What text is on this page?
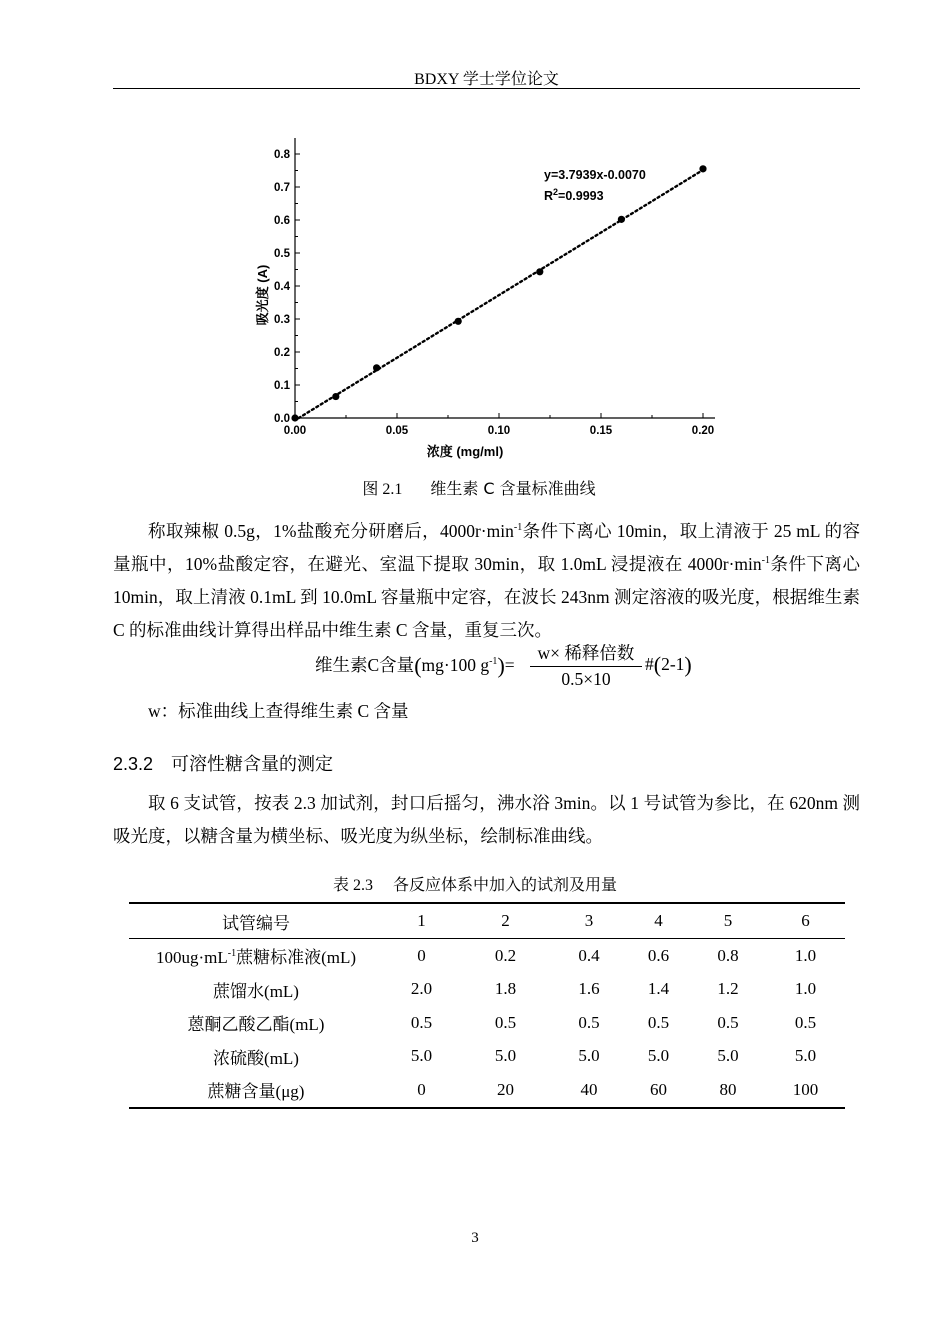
BDXY 学士学位论文
0.00	0.05	0.10	0.15	0.20
0.0
0.1
0.2
0.3
0.4
0.5
0.6
0.7
0.8
y=3.7939x-0.0070
$R^2=0.9993$
浓度 (mg/ml)
吸光度 (A)
图 2.1 维生素 C 含量标准曲线

称取辣椒 0.5g，1%盐酸充分研磨后，$4000r\cdot\min^{-1}$条件下离心 10min，取上清液于 25 mL 的容量瓶中，10%盐酸定容，在避光、室温下提取 30min，取 1.0mL 浸提液在 $4000r\cdot\min^{-1}$条件下离心 10min，取上清液 0.1mL 到 10.0mL 容量瓶中定容，在波长 243nm 测定溶液的吸光度，根据维生素 C 的标准曲线计算得出样品中维生素 C 含量，重复三次。

维生素C含量(mg·100 $g^{-1})=$
w× 稀释倍数
0.5×10
#(2-1)
w：标准曲线上查得维生素 C 含量
2.3.2 可溶性糖含量的测定

取 6 支试管，按表 2.3 加试剂，封口后摇匀，沸水浴 3min。以 1 号试管为参比，在 620nm 测吸光度，以糖含量为横坐标、吸光度为纵坐标，绘制标准曲线。

表 2.3 各反应体系中加入的试剂及用量
试管编号	1	2	3	4	5	6
$100ug\cdot mL^{-1}$蔗糖标准液(mL)	0	0.2	0.4	0.6	0.8	1.0
蔗馏水(mL)	2.0	1.8	1.6	1.4	1.2	1.0
蒽酮乙酸乙酯(mL)	0.5	0.5	0.5	0.5	0.5	0.5
浓硫酸(mL)	5.0	5.0	5.0	5.0	5.0	5.0
蔗糖含量(μg)	0	20	40	60	80	100
3
